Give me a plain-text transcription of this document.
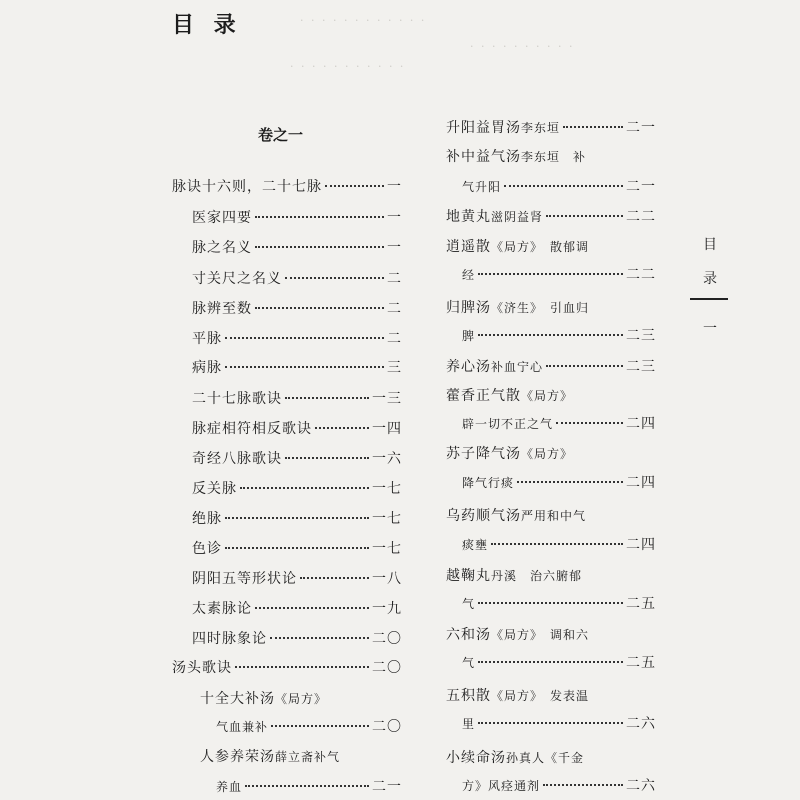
· · · · · · · · · · · ·
· · · · · · · · · · ·
· · · · · · · · · ·
目 录
卷之一
脉诀十六则，二十七脉	一
医家四要	一
脉之名义	一
寸关尺之名义	二
脉辨至数	二
平脉	二
病脉	三
二十七脉歌诀	一三
脉症相符相反歌诀	一四
奇经八脉歌诀	一六
反关脉	一七
绝脉	一七
色诊	一七
阴阳五等形状论	一八
太素脉论	一九
四时脉象论	二〇
汤头歌诀	二〇
十全大补汤 《局方》
气血兼补	二〇
人参养荣汤 薛立斋补气
养血	二一
升阳益胃汤 李东垣	二一
补中益气汤 李东垣　补
气升阳	二一
地黄丸 滋阴益肾	二二
逍遥散 《局方》　散郁调
经	二二
归脾汤 《济生》　引血归
脾	二三
养心汤 补血宁心	二三
藿香正气散 《局方》
辟一切不正之气	二四
苏子降气汤 《局方》
降气行痰	二四
乌药顺气汤 严用和中气
痰壅	二四
越鞠丸 丹溪　治六腑郁
气	二五
六和汤 《局方》　调和六
气	二五
五积散 《局方》　发表温
里	二六
小续命汤 孙真人《千金
方》风痉通剂	二六
目
录
一
